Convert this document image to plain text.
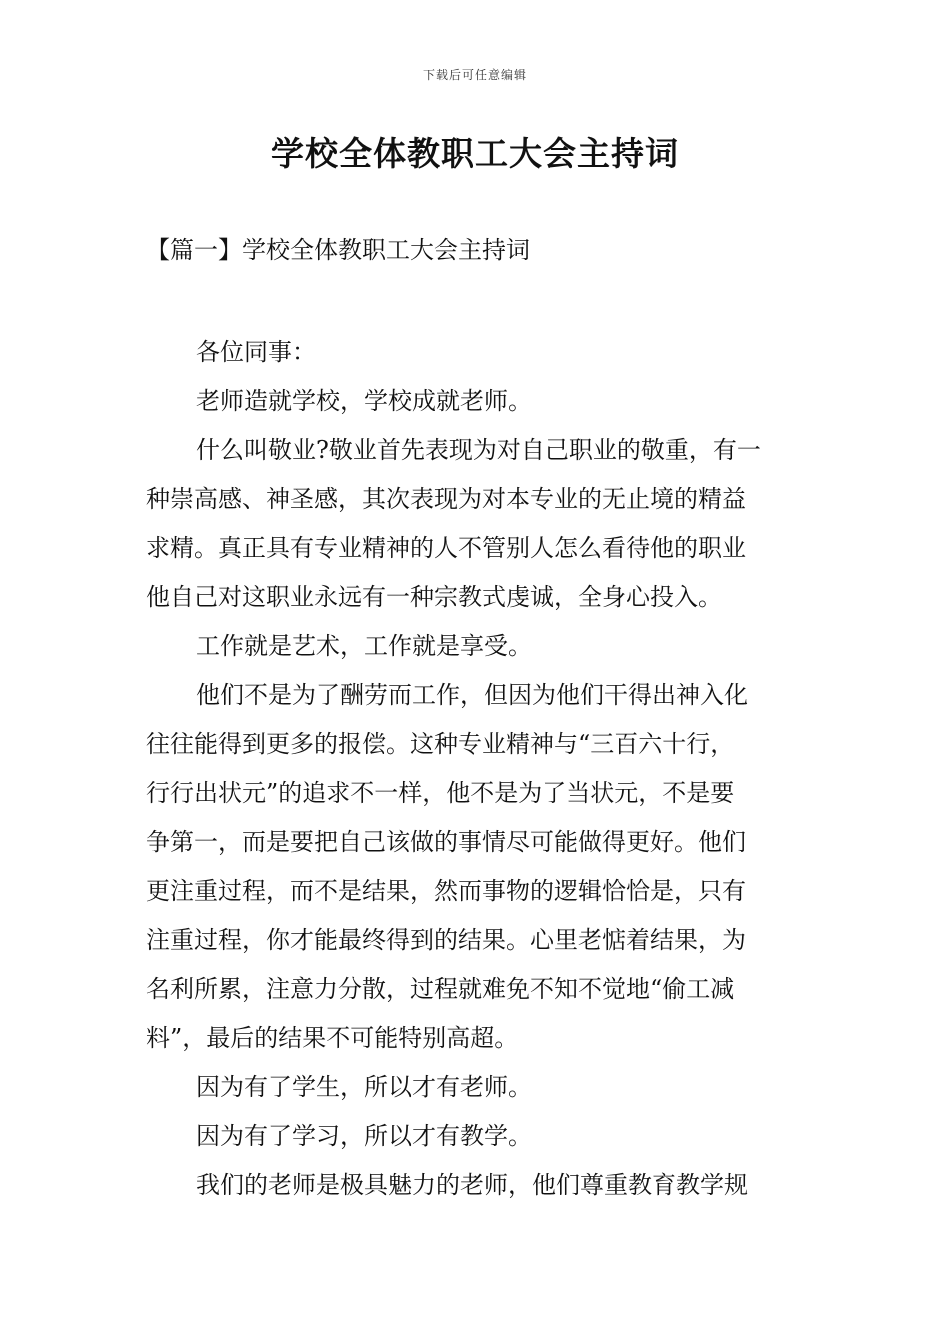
下载后可任意编辑
学校全体教职工大会主持词
【篇一】学校全体教职工大会主持词
各位同事：
老师造就学校，学校成就老师。
什么叫敬业?敬业首先表现为对自己职业的敬重，有一
种崇高感、神圣感，其次表现为对本专业的无止境的精益
求精。真正具有专业精神的人不管别人怎么看待他的职业
他自己对这职业永远有一种宗教式虔诚，全身心投入。
工作就是艺术，工作就是享受。
他们不是为了酬劳而工作，但因为他们干得出神入化
往往能得到更多的报偿。这种专业精神与“三百六十行，
行行出状元”的追求不一样，他不是为了当状元，不是要
争第一，而是要把自己该做的事情尽可能做得更好。他们
更注重过程，而不是结果，然而事物的逻辑恰恰是，只有
注重过程，你才能最终得到的结果。心里老惦着结果，为
名利所累，注意力分散，过程就难免不知不觉地“偷工减
料”，最后的结果不可能特别高超。
因为有了学生，所以才有老师。
因为有了学习，所以才有教学。
我们的老师是极具魅力的老师，他们尊重教育教学规
